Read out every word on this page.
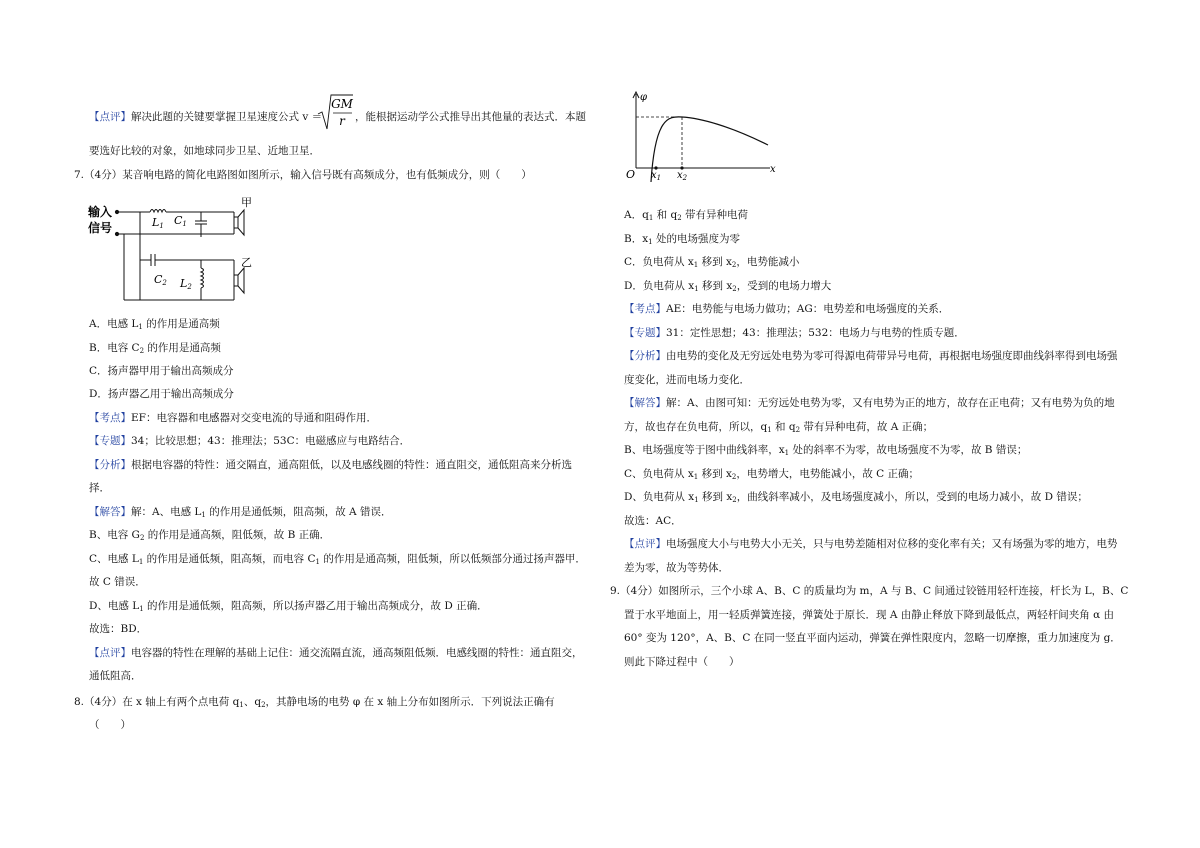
【点评】解决此题的关键要掌握卫星速度公式 v ＝
GM
r ，能根据运动学公式推导出其他量的表达式．本题
要选好比较的对象，如地球同步卫星、近地卫星．
7.（4分）某音响电路的简化电路图如图所示，输入信号既有高频成分，也有低频成分，则（　　）
输入
信号	L1 C1
C2 L2
甲
乙
A．电感 $L_1$ 的作用是通高频
B．电容 $C_2$ 的作用是通高频
C．扬声器甲用于输出高频成分
D．扬声器乙用于输出高频成分
【考点】EF：电容器和电感器对交变电流的导通和阻碍作用．
【专题】34；比较思想；43：推理法；53C：电磁感应与电路结合．
【分析】根据电容器的特性：通交隔直，通高阻低，以及电感线圈的特性：通直阻交，通低阻高来分析选
择．
【解答】解：A、电感 $L_1$ 的作用是通低频，阻高频，故 A 错误．
B、电容 $G_2$ 的作用是通高频，阻低频，故 B 正确．
C、电感 $L_1$ 的作用是通低频，阻高频，而电容 $C_1$ 的作用是通高频，阻低频，所以低频部分通过扬声器甲．
故 C 错误．
D、电感 $L_1$ 的作用是通低频，阻高频，所以扬声器乙用于输出高频成分，故 D 正确．
故选：BD．
【点评】电容器的特性在理解的基础上记住：通交流隔直流，通高频阻低频．电感线圈的特性：通直阻交，
通低阻高．
8.（4分）在 x 轴上有两个点电荷 $q_1$、$q_2$，其静电场的电势 φ 在 x 轴上分布如图所示．下列说法正确有
（　　）
φ
x
O $x_1$ $x_2$
A．$q_1$ 和 $q_2$ 带有异种电荷
B．$x_1$ 处的电场强度为零
C．负电荷从 $x_1$ 移到 $x_2$，电势能减小
D．负电荷从 $x_1$ 移到 $x_2$，受到的电场力增大
【考点】AE：电势能与电场力做功；AG：电势差和电场强度的关系．
【专题】31：定性思想；43：推理法；532：电场力与电势的性质专题．
【分析】由电势的变化及无穷远处电势为零可得源电荷带异号电荷，再根据电场强度即曲线斜率得到电场强
度变化，进而电场力变化．
【解答】解：A、由图可知：无穷远处电势为零，又有电势为正的地方，故存在正电荷；又有电势为负的地
方，故也存在负电荷，所以，$q_1$ 和 $q_2$ 带有异种电荷，故 A 正确；
B、电场强度等于图中曲线斜率，$x_1$ 处的斜率不为零，故电场强度不为零，故 B 错误；
C、负电荷从 $x_1$ 移到 $x_2$，电势增大，电势能减小，故 C 正确；
D、负电荷从 $x_1$ 移到 $x_2$，曲线斜率减小，及电场强度减小，所以，受到的电场力减小，故 D 错误；
故选：AC．
【点评】电场强度大小与电势大小无关，只与电势差随相对位移的变化率有关；又有场强为零的地方，电势
差为零，故为等势体．
9.（4分）如图所示，三个小球 A、B、C 的质量均为 m，A 与 B、C 间通过铰链用轻杆连接，杆长为 L，B、C
置于水平地面上，用一轻质弹簧连接，弹簧处于原长．现 A 由静止释放下降到最低点，两轻杆间夹角 α 由
60° 变为 120°，A、B、C 在同一竖直平面内运动，弹簧在弹性限度内，忽略一切摩擦，重力加速度为 g．
则此下降过程中（　　）
